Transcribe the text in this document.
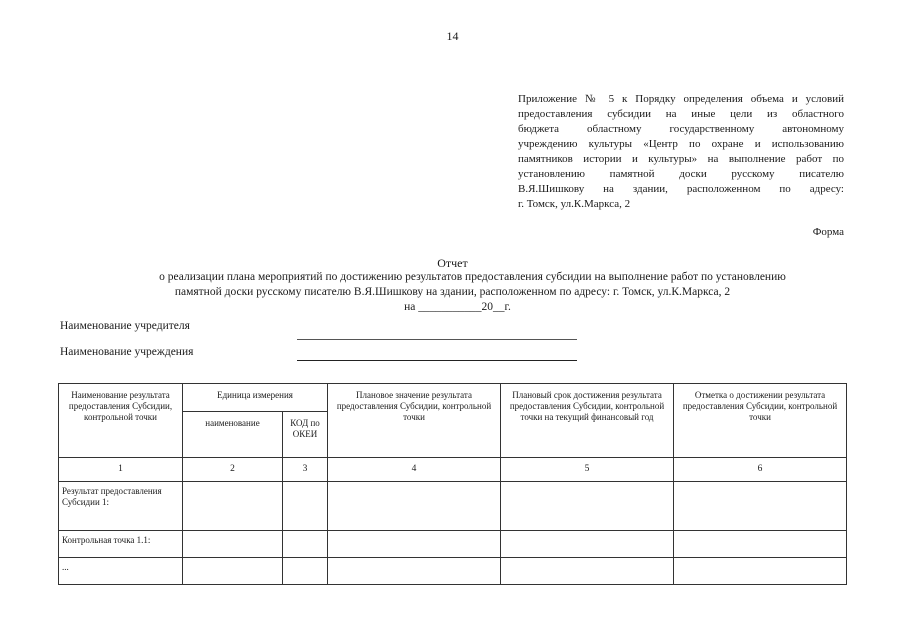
14
Приложение № 5 к Порядку определения объема и условий
предоставления субсидии на иные цели из областного
бюджета областному государственному автономному
учреждению культуры «Центр по охране и использованию
памятников истории и культуры» на выполнение работ по
установлению памятной доски русскому писателю
В.Я.Шишкову на здании, расположенном по адресу:
г. Томск, ул.К.Маркса, 2
Форма
Отчет
о реализации плана мероприятий по достижению результатов предоставления субсидии на выполнение работ по установлению
памятной доски русскому писателю В.Я.Шишкову на здании, расположенном по адресу: г. Томск, ул.К.Маркса, 2
на ___________20__г.
Наименование учредителя
Наименование учреждения
Наименование результата предоставления Субсидии, контрольной точки	Единица измерения		Плановое значение результата предоставления Субсидии, контрольной точки	Плановый срок достижения результата предоставления Субсидии, контрольной точки на текущий финансовый год	Отметка о достижении результата предоставления Субсидии, контрольной точки
	наименование	КОД по ОКЕИ			
1	2	3	4	5	6
Результат предоставления Субсидии 1:					
Контрольная точка 1.1:					
...					
